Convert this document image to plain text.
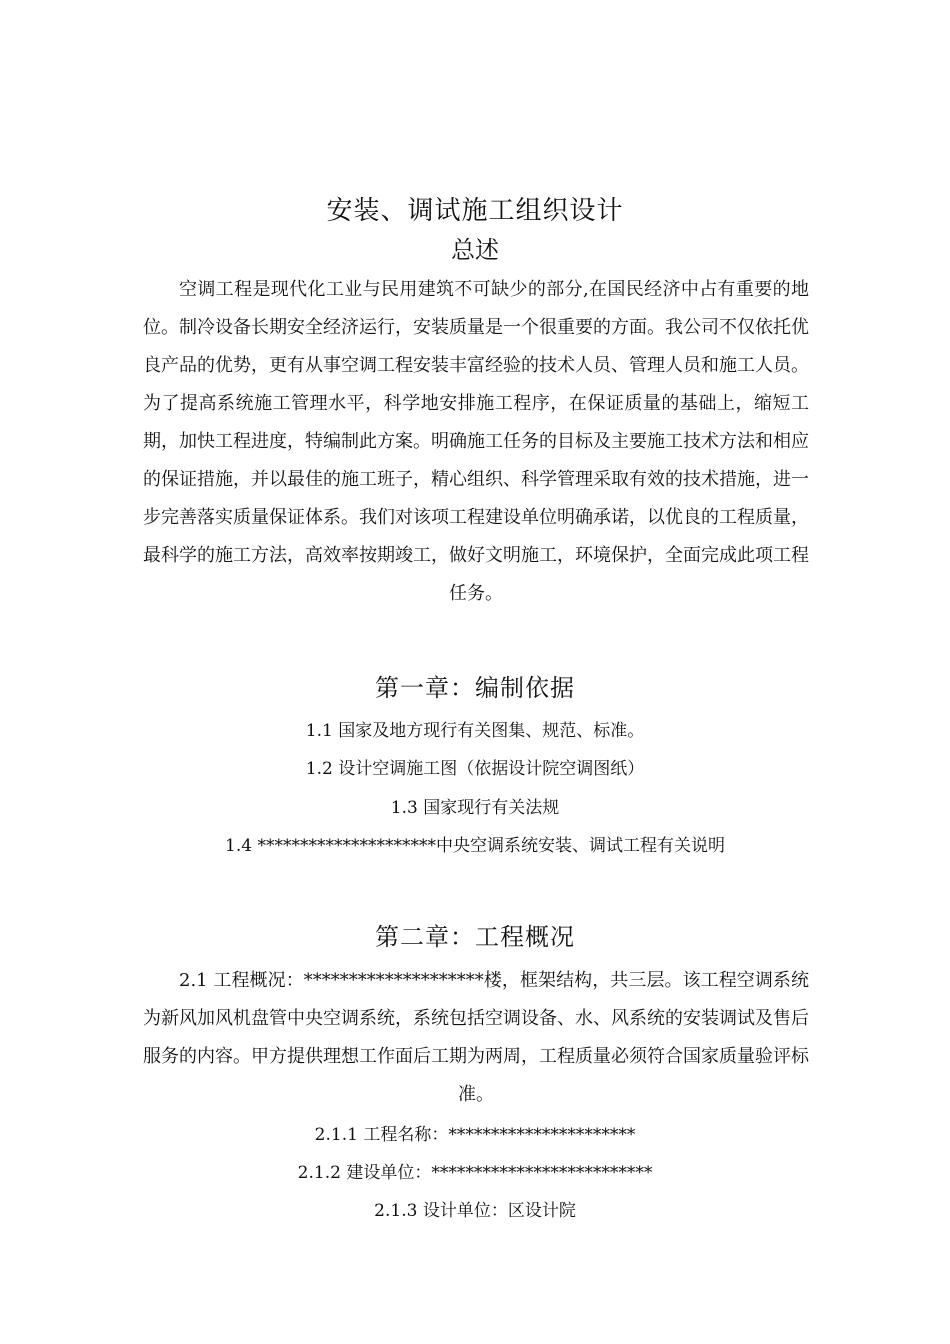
安装、调试施工组织设计
总述
空调工程是现代化工业与民用建筑不可缺少的部分,在国民经济中占有重要的地位。制冷设备长期安全经济运行，安装质量是一个很重要的方面。我公司不仅依托优良产品的优势，更有从事空调工程安装丰富经验的技术人员、管理人员和施工人员。为了提高系统施工管理水平，科学地安排施工程序，在保证质量的基础上，缩短工期，加快工程进度，特编制此方案。明确施工任务的目标及主要施工技术方法和相应的保证措施，并以最佳的施工班子，精心组织、科学管理采取有效的技术措施，进一步完善落实质量保证体系。我们对该项工程建设单位明确承诺，以优良的工程质量，最科学的施工方法，高效率按期竣工，做好文明施工，环境保护，全面完成此项工程任务。
第一章：编制依据
1.1 国家及地方现行有关图集、规范、标准。
1.2 设计空调施工图（依据设计院空调图纸）
1.3 国家现行有关法规
1.4 *********************中央空调系统安装、调试工程有关说明
第二章：工程概况
2.1 工程概况：********************楼，框架结构，共三层。该工程空调系统为新风加风机盘管中央空调系统，系统包括空调设备、水、风系统的安装调试及售后服务的内容。甲方提供理想工作面后工期为两周，工程质量必须符合国家质量验评标准。
2.1.1 工程名称：**********************
2.1.2 建设单位：**************************
2.1.3 设计单位：区设计院
